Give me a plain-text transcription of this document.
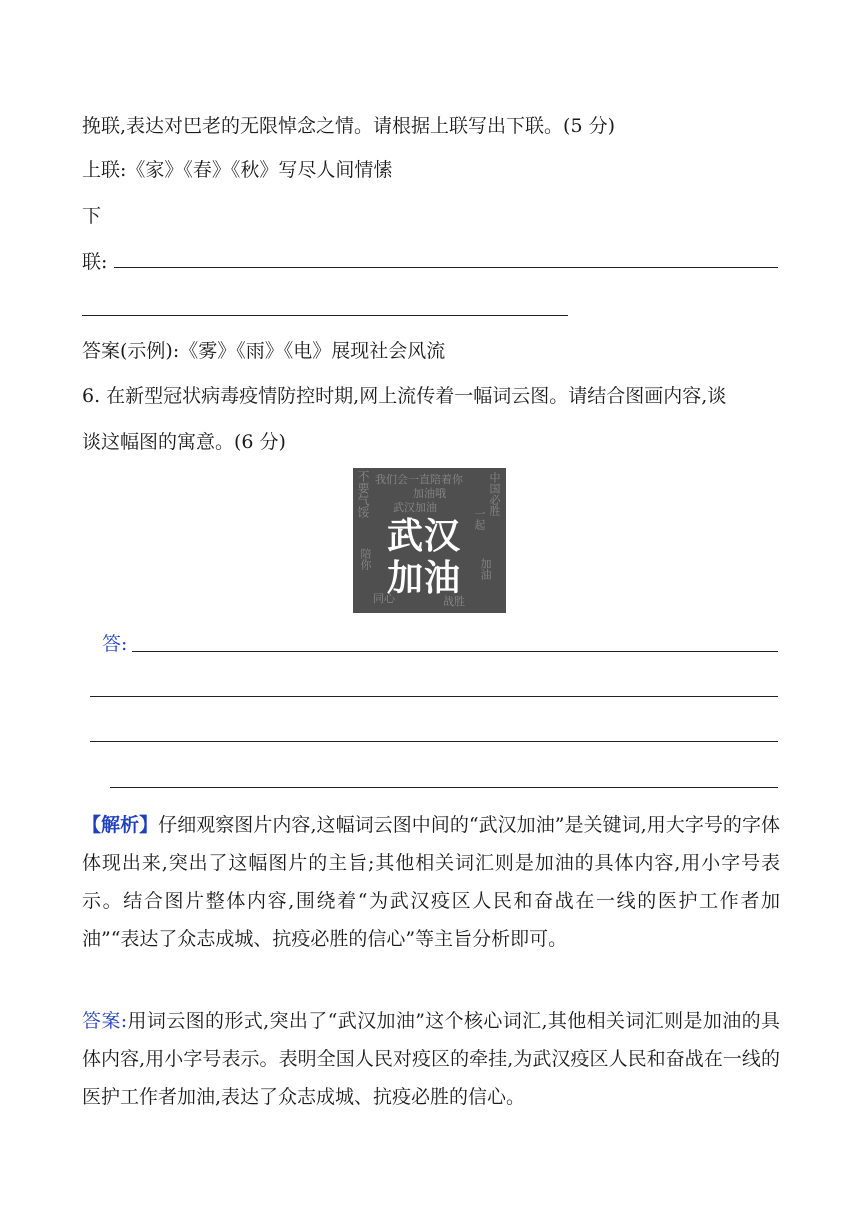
挽联,表达对巴老的无限悼念之情。请根据上联写出下联。(5 分)
上联:《家》《春》《秋》写尽人间情愫
下
联:
答案(示例):《雾》《雨》《电》展现社会风流
6. 在新型冠状病毒疫情防控时期,网上流传着一幅词云图。请结合图画内容,谈
谈这幅图的寓意。(6 分)
我们会一直陪着你
加油哦
武汉加油
不要气馁	中国必胜
一起
陪你	加油
同心	战胜
武汉
加油
答:
【解析】仔细观察图片内容,这幅词云图中间的“武汉加油”是关键词,用大字号的字体体现出来,突出了这幅图片的主旨;其他相关词汇则是加油的具体内容,用小字号表示。结合图片整体内容,围绕着“为武汉疫区人民和奋战在一线的医护工作者加油”“表达了众志成城、抗疫必胜的信心”等主旨分析即可。
答案:用词云图的形式,突出了“武汉加油”这个核心词汇,其他相关词汇则是加油的具体内容,用小字号表示。表明全国人民对疫区的牵挂,为武汉疫区人民和奋战在一线的医护工作者加油,表达了众志成城、抗疫必胜的信心。
